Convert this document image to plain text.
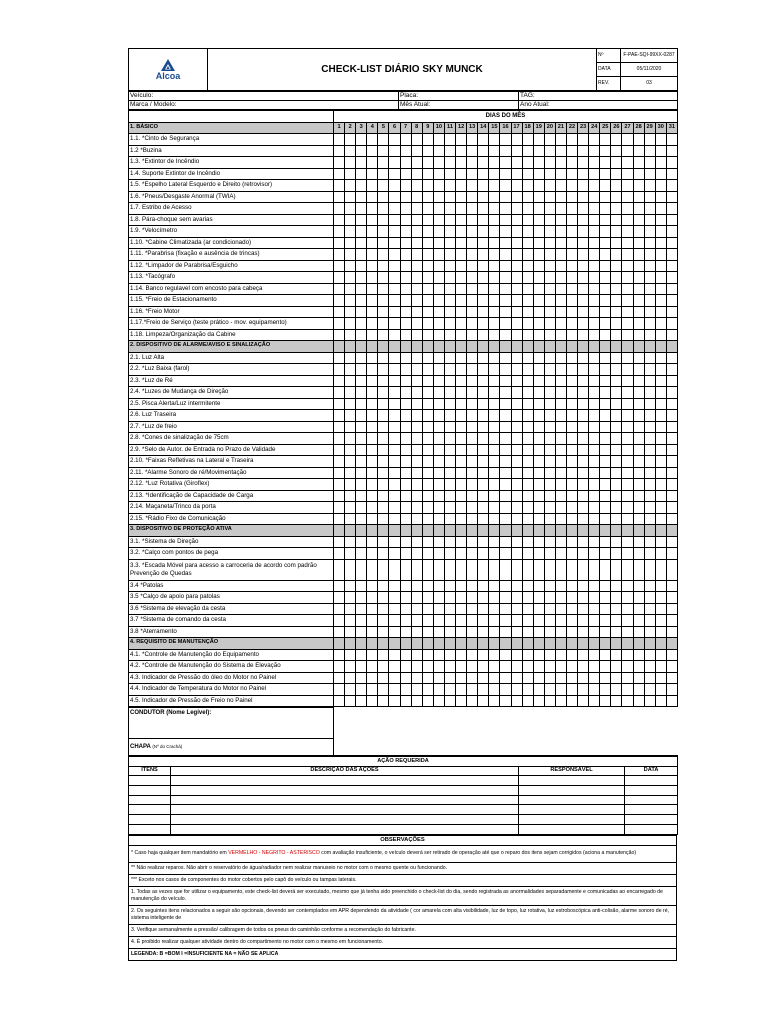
Alcoa	CHECK-LIST DIÁRIO SKY MUNCK	Nº	F-PAE-SQI-99XX-0287
		DATA	05/11/2020
		REV.	03
Veículo:	Placa:	TAG:
Marca / Modelo:	Mês Atual:	Ano Atual:
	DIAS DO MÊS																														
1. BÁSICO	1	2	3	4	5	6	7	8	9	10	11	12	13	14	15	16	17	18	19	20	21	22	23	24	25	26	27	28	29	30	31
1.1. *Cinto de Segurança																															
1.2 *Buzina																															
1.3. *Extintor de Incêndio																															
1.4. Suporte Extintor de Incêndio																															
1.5. *Espelho Lateral Esquerdo e Direito (retrovisor)																															
1.6. *Pneus/Desgaste Anormal (TWIA)																															
1.7. Estribo de Acesso																															
1.8. Pára-choque sem avarias																															
1.9. *Velocímetro																															
1.10. *Cabine Climatizada (ar condicionado)																															
1.11. *Parabrisa (fixação e ausência de trincas)																															
1.12. *Limpador de Parabrisa/Esguicho																															
1.13. *Tacógrafo																															
1.14. Banco regulavel com encosto para cabeça																															
1.15. *Freio de Estacionamento																															
1.16. *Freio Motor																															
1.17.*Freio de Serviço (teste prático - mov. equipamento)																															
1.18. Limpeza/Organização da Cabine																															
2. DISPOSITIVO DE ALARME/AVISO E SINALIZAÇÃO																															
2.1. Luz Alta																															
2.2. *Luz Baixa (farol)																															
2.3. *Luz de Ré																															
2.4. *Luzes de Mudança de Direção																															
2.5. Pisca Alerta/Luz intermitente																															
2.6. Luz Traseira																															
2.7. *Luz de freio																															
2.8. *Cones de sinalização de 75cm																															
2.9. *Selo de Autor. de Entrada no Prazo de Validade																															
2.10. *Faixas Refletivas na Lateral e Traseira																															
2.11. *Alarme Sonoro de ré/Movimentação																															
2.12. *Luz Rotativa (Giroflex)																															
2.13. *Identificação de Capacidade de Carga																															
2.14. Maçaneta/Trinco da porta																															
2.15. *Rádio Fixo de Comunicação																															
3. DISPOSITIVO DE PROTEÇÃO ATIVA																															
3.1. *Sistema de Direção																															
3.2. *Calço com pontos de pega																															
3.3. *Escada Móvel para acesso a carroceria de acordo com padrão Prevenção de Quedas																															
3.4 *Patolas																															
3.5 *Calço de apoio para patolas																															
3.6 *Sistema de elevação da cesta																															
3.7 *Sistema de comando da cesta																															
3.8 *Aterramento																															
4. REQUISITO DE MANUTENÇÃO																															
4.1. *Controle de Manutenção do Equipamento																															
4.2. *Controle de Manutenção do Sistema de Elevação																															
4.3. Indicador de Pressão do óleo do Motor no Painel																															
4.4. Indicador de Temperatura do Motor no Painel																															
4.5. Indicador de Pressão de Freio no Painel																															
CONDUTOR (Nome Legível):	
CHAPA (Nº do Crachá)	
AÇÃO REQUERIDA			
ITENS	DESCRIÇÃO DAS AÇÕES	RESPONSÁVEL	DATA

OBSERVAÇÕES
* Caso haja qualquer item mandatório em VERMELHO - NEGRITO - ASTERISCO com avaliação insuficiente, o veículo deverá ser retirado de operação até que o reparo dos itens sejam corrigidos (aciona a manutenção)
** Não realizar reparos. Não abrir o reservatório de água/radiador nem realizar manuseio no motor com o mesmo quente ou funcionando.
*** Exceto nos casos de componentes do motor cobertos pelo capô do veículo ou tampas laterais.
1. Todas as vezes que for utilizar o equipamento, este check-list deverá ser executado, mesmo que já tenha sido preenchido o check-list do dia, sendo registrada as anormalidades separadamente e comunicadas ao encarregado de manutenção do veículo.
2. Os seguintes itens relacionados a seguir são opcionais, devendo ser contemplados em APR dependendo da atividade ( cor amarela com alta visibilidade, luz de topo, luz rotativa, luz estroboscópica anti-colisão, alarme sonoro de ré, sistema inteligente de
3. Verifique semanalmente a pressão/ calibragem de todos os pneus do caminhão conforme a recomendação do fabricante.
4. É proibido realizar qualquer atividade dentro do compartimento no motor com o mesmo em funcionamento.
LEGENDA: B =BOM I =INSUFICIENTE NA = NÃO SE APLICA
